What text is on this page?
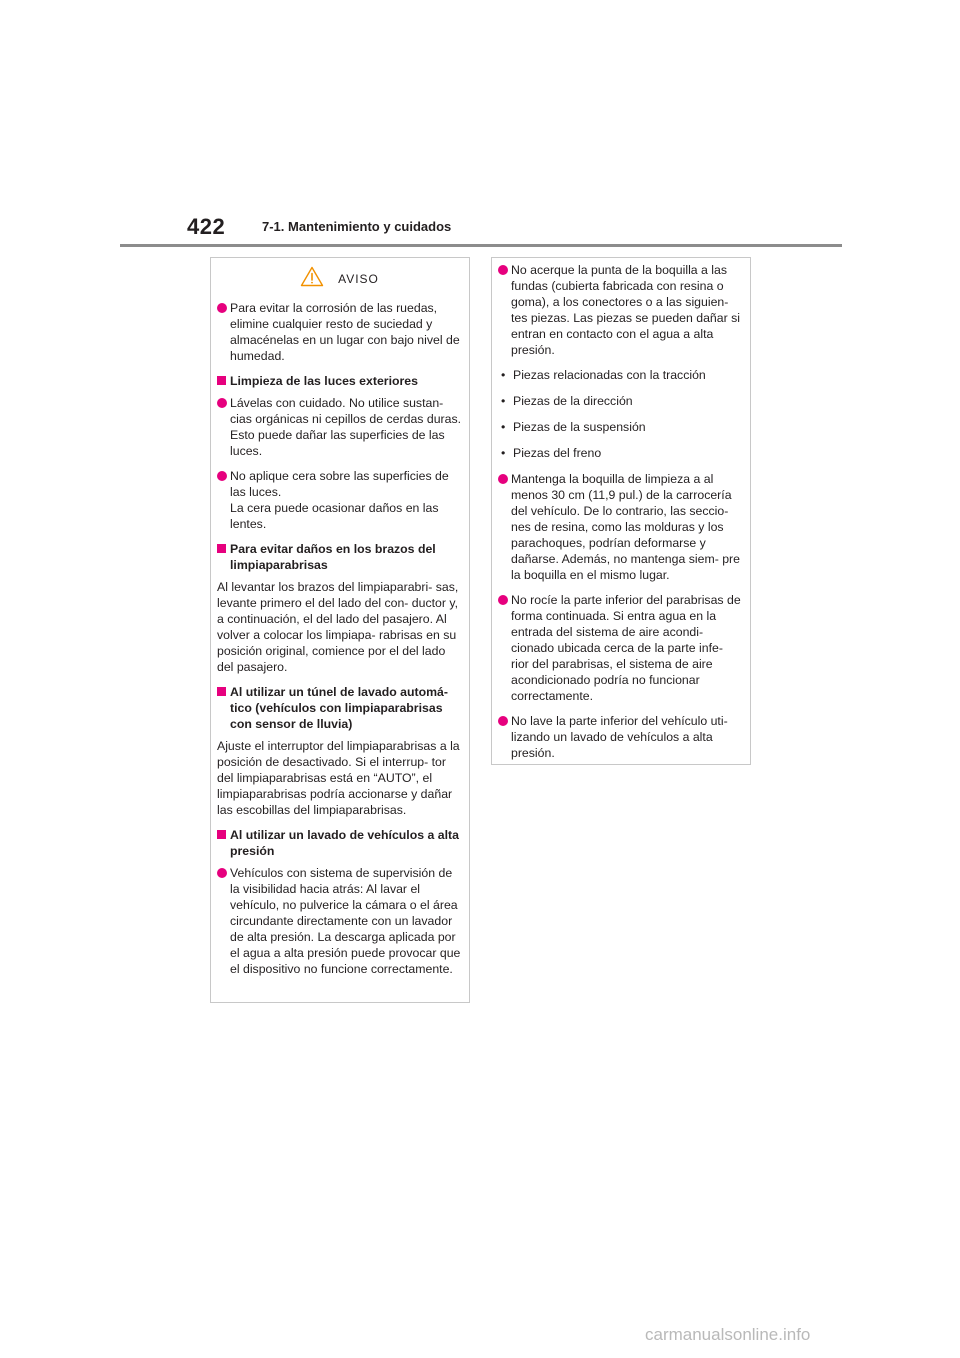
422	7-1. Mantenimiento y cuidados
AVISO
Para evitar la corrosión de las ruedas, elimine cualquier resto de suciedad y almacénelas en un lugar con bajo nivel de humedad.
Limpieza de las luces exteriores
Lávelas con cuidado. No utilice sustan- cias orgánicas ni cepillos de cerdas duras.
Esto puede dañar las superficies de las luces.
No aplique cera sobre las superficies de las luces.
La cera puede ocasionar daños en las lentes.
Para evitar daños en los brazos del limpiaparabrisas
Al levantar los brazos del limpiaparabri- sas, levante primero el del lado del con- ductor y, a continuación, el del lado del pasajero. Al volver a colocar los limpiapa- rabrisas en su posición original, comience por el del lado del pasajero.
Al utilizar un túnel de lavado automá- tico (vehículos con limpiaparabrisas con sensor de lluvia)
Ajuste el interruptor del limpiaparabrisas a la posición de desactivado. Si el interrup- tor del limpiaparabrisas está en “AUTO”, el limpiaparabrisas podría accionarse y dañar las escobillas del limpiaparabrisas.
Al utilizar un lavado de vehículos a alta presión
Vehículos con sistema de supervisión de la visibilidad hacia atrás: Al lavar el vehículo, no pulverice la cámara o el área circundante directamente con un lavador de alta presión. La descarga aplicada por el agua a alta presión puede provocar que el dispositivo no funcione correctamente.
No acerque la punta de la boquilla a las fundas (cubierta fabricada con resina o goma), a los conectores o a las siguien- tes piezas. Las piezas se pueden dañar si entran en contacto con el agua a alta presión.
• Piezas relacionadas con la tracción
• Piezas de la dirección
• Piezas de la suspensión
• Piezas del freno
Mantenga la boquilla de limpieza a al menos 30 cm (11,9 pul.) de la carrocería del vehículo. De lo contrario, las seccio- nes de resina, como las molduras y los parachoques, podrían deformarse y dañarse. Además, no mantenga siem- pre la boquilla en el mismo lugar.
No rocíe la parte inferior del parabrisas de forma continuada. Si entra agua en la entrada del sistema de aire acondi- cionado ubicada cerca de la parte infe- rior del parabrisas, el sistema de aire acondicionado podría no funcionar correctamente.
No lave la parte inferior del vehículo uti- lizando un lavado de vehículos a alta presión.
carmanualsonline.info
